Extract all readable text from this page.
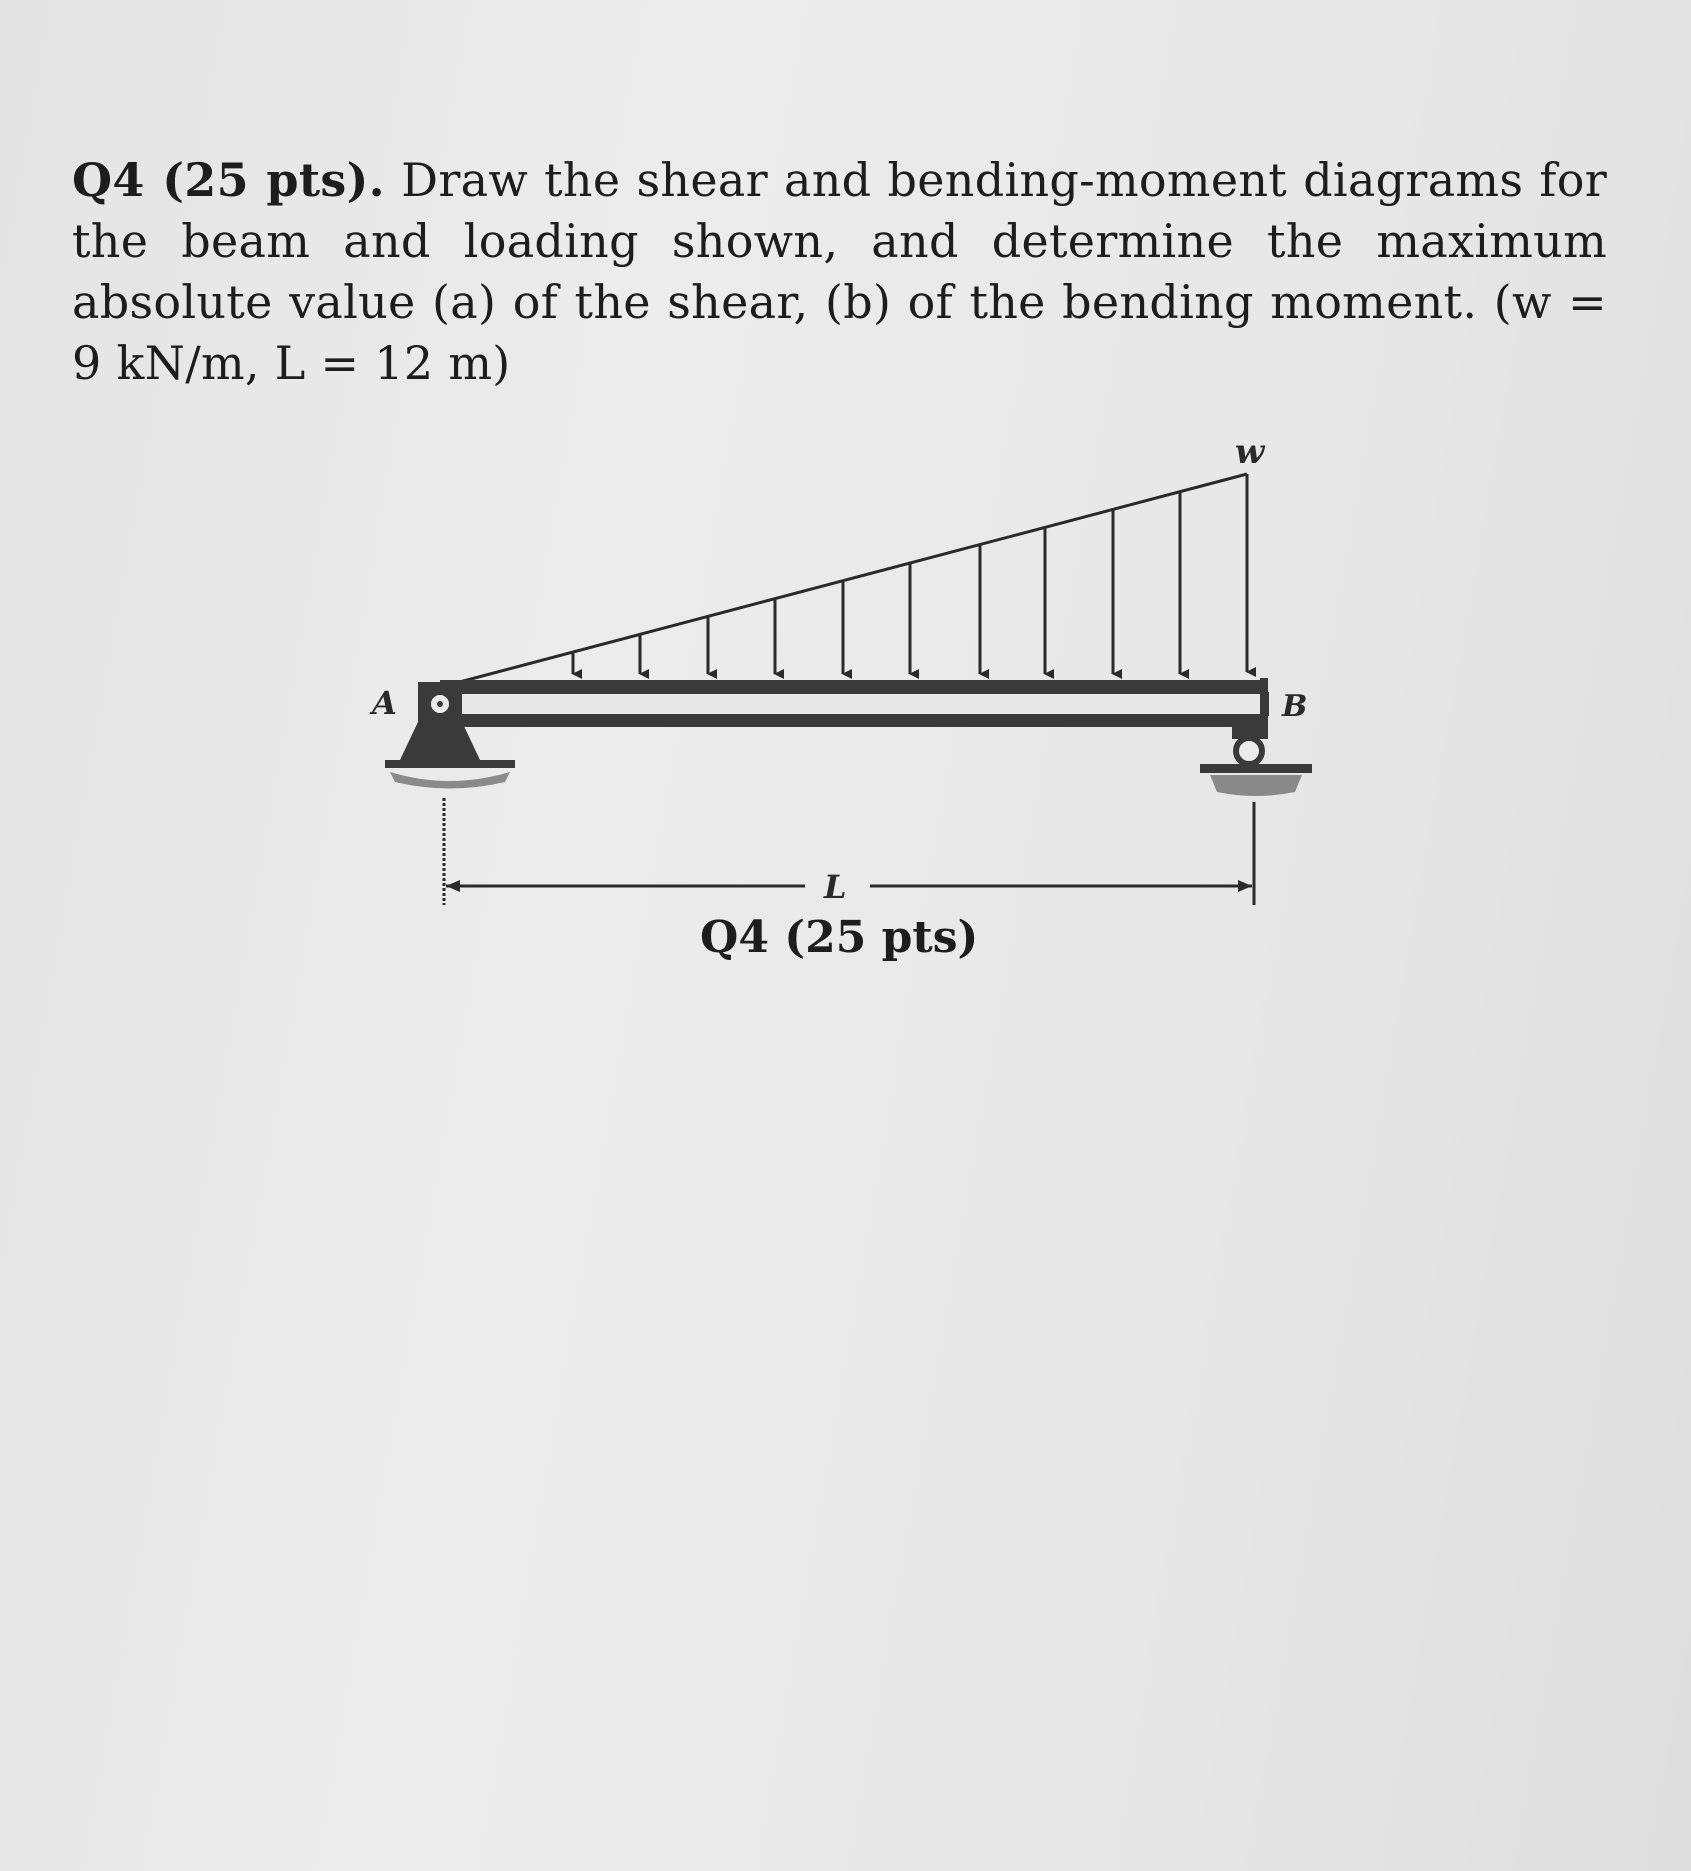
Q4 (25 pts). Draw the shear and bending-moment diagrams for the beam and loading shown, and determine the maximum absolute value (a) of the shear, (b) of the bending moment. (w = 9 kN/m, L = 12 m)
w
A	B
L
Q4 (25 pts)
